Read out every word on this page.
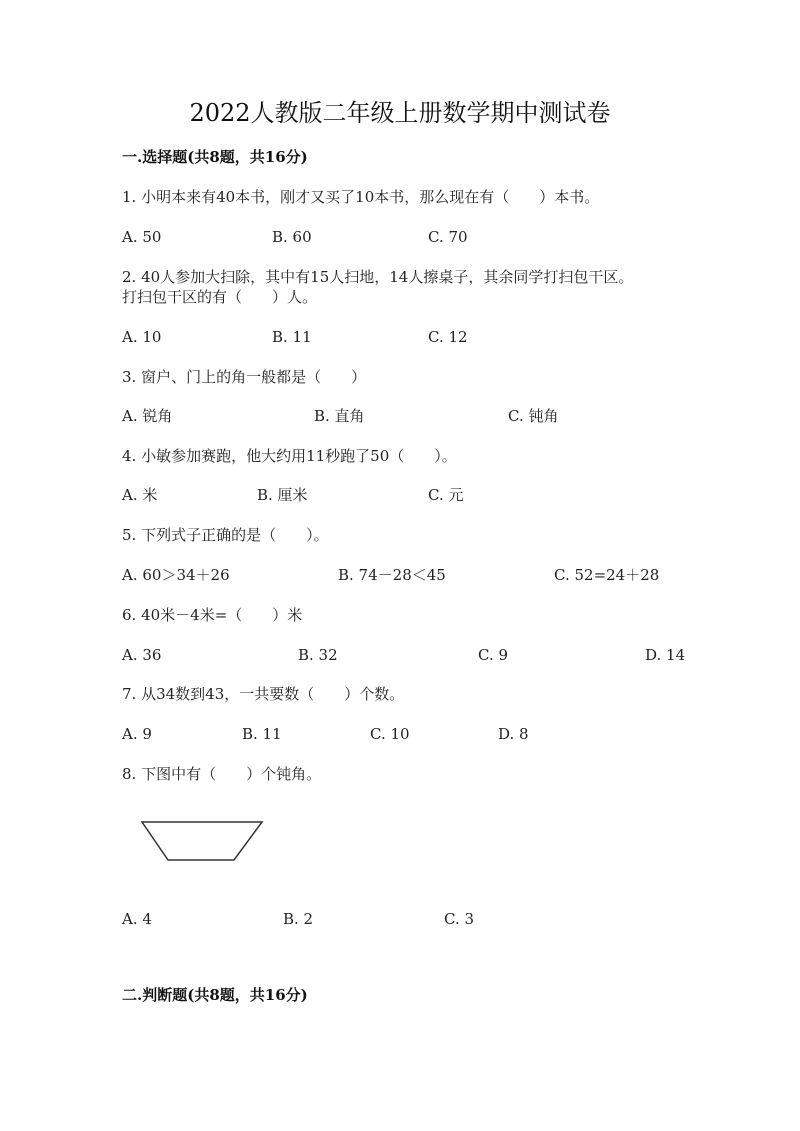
2022人教版二年级上册数学期中测试卷
一.选择题(共8题，共16分)
1. 小明本来有40本书，刚才又买了10本书，那么现在有（　　）本书。
A. 50	B. 60	C. 70
2. 40人参加大扫除，其中有15人扫地，14人擦桌子，其余同学打扫包干区。
打扫包干区的有（　　）人。
A. 10	B. 11	C. 12
3. 窗户、门上的角一般都是（　　）
A. 锐角	B. 直角	C. 钝角
4. 小敏参加赛跑，他大约用11秒跑了50（　　）。
A. 米	B. 厘米	C. 元
5. 下列式子正确的是（　　）。
A. 60＞34＋26	B. 74－28＜45	C. 52=24＋28
6. 40米－4米=（　　）米
A. 36	B. 32	C. 9	D. 14
7. 从34数到43，一共要数（　　）个数。
A. 9	B. 11	C. 10	D. 8
8. 下图中有（　　）个钝角。
A. 4	B. 2	C. 3
二.判断题(共8题，共16分)
